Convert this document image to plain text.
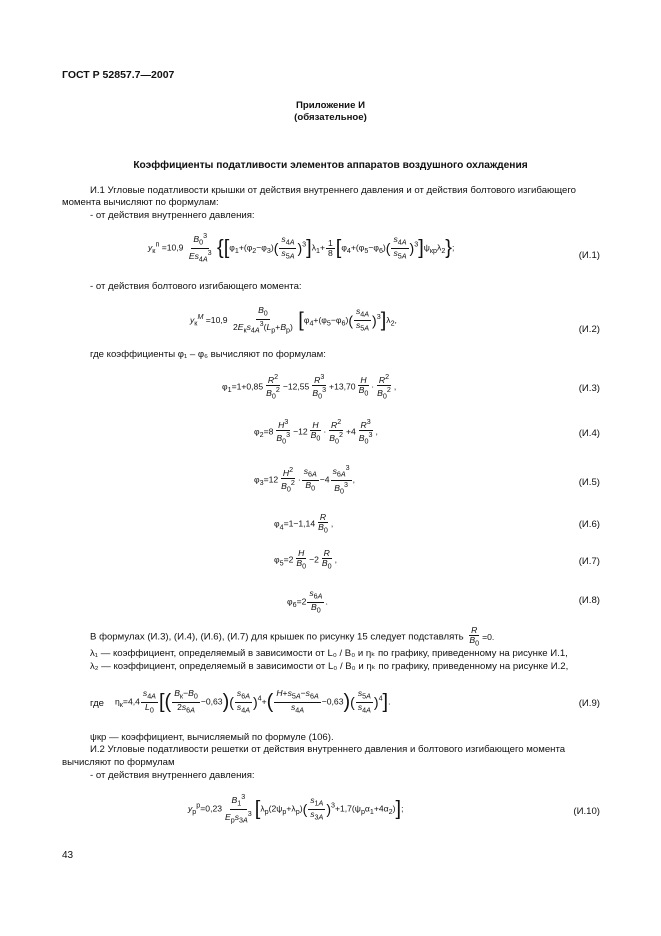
ГОСТ Р 52857.7—2007
Приложение И
(обязательное)
Коэффициенты податливости элементов аппаратов воздушного охлаждения
И.1 Угловые податливости крышки от действия внутреннего давления и от действия болтового изгибающего
момента вычисляют по формулам:
- от действия внутреннего давления:
$y_к^п =10,9 \frac{B_0^3}{Es_{4A}^3} \{[\varphi_1+(\varphi_2-\varphi_3)( \frac{s_{4A}}{s_{5A}} )^3]\lambda_1+ \frac{1}{8} [\varphi_4+(\varphi_5-\varphi_6)( \frac{s_{4A}}{s_{5A}} )^3]\psi_{кр}\lambda_2\}$;
(И.1)
- от действия болтового изгибающего момента:
$y_к^M =10,9 \frac{B_0}{2E_кs_{4A}^3(L_р+B_р)} [\varphi_4+(\varphi_5-\varphi_6)( \frac{s_{4A}}{s_{5A}} )^3]\lambda_2$,
(И.2)
где коэффициенты φ₁ – φ₆ вычисляют по формулам:
$\varphi_1=1+0,85 \frac{R^2}{B_0^2} -12,55 \frac{R^3}{B_0^3} +13,70 \frac{H}{B_0} \cdot \frac{R^2}{B_0^2}$ ,	(И.3)
$\varphi_2=8 \frac{H^3}{B_0^3} -12 \frac{H}{B_0} \cdot \frac{R^2}{B_0^2} +4 \frac{R^3}{B_0^3}$ ,	(И.4)
$\varphi_3=12 \frac{H^2}{B_0^2} \cdot \frac{s_{6A}}{B_0} -4 \frac{s_{6A}^3}{B_0^3}$ ,	(И.5)
$\varphi_4=1-1,14 \frac{R}{B_0}$ ,	(И.6)
$\varphi_5=2 \frac{H}{B_0} -2 \frac{R}{B_0}$ ,	(И.7)
$\varphi_6=2 \frac{s_{6A}}{B_0}$ .	(И.8)
В формулах (И.3), (И.4), (И.6), (И.7) для крышек по рисунку 15 следует подставлять $\frac{R}{B_0} =0$.
λ₁ — коэффициент, определяемый в зависимости от L₀ / B₀ и ηₖ по графику, приведенному на рисунке И.1,
λ₂ — коэффициент, определяемый в зависимости от L₀ / B₀ и ηₖ по графику, приведенному на рисунке И.2,
где $\eta_к=4,4 \frac{s_{4A}}{L_0}$ [( $\frac{B_к-B_0}{2s_{6A}} -0,63)( \frac{s_{6A}}{s_{4A}} )^4+( \frac{H+s_{5A}-s_{6A}}{s_{4A}} -0,63)( \frac{s_{5A}}{s_{4A}} )^4$].	(И.9)
ψкр — коэффициент, вычисляемый по формуле (106).
И.2 Угловые податливости решетки от действия внутреннего давления и болтового изгибающего момента
вычисляют по формулам
- от действия внутреннего давления:
$y_р^р=0,23 \frac{B_1^3}{E_рs_{3A}^3} [\lambda_р(2\psi_р+\lambda_р)( \frac{s_{1A}}{s_{3A}} )^3+1,7(\psi_р\alpha_1+4\alpha_2)]$;	(И.10)
43
